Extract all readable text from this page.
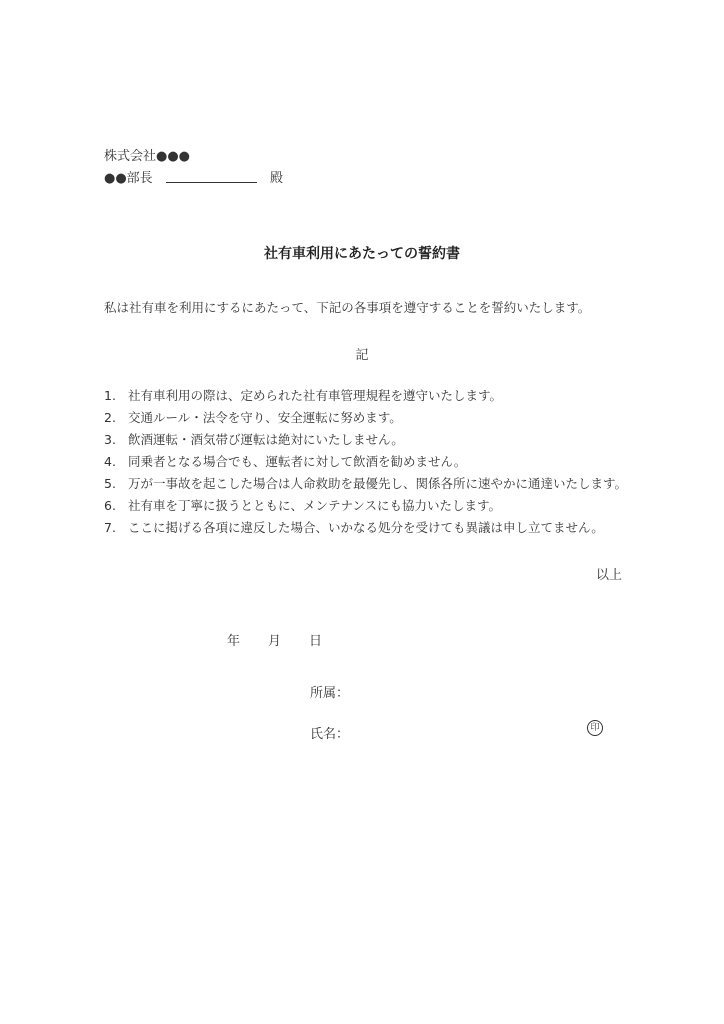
株式会社●●●
●●部長	殿
社有車利用にあたっての誓約書
私は社有車を利用にするにあたって、下記の各事項を遵守することを誓約いたします。
記
1. 社有車利用の際は、定められた社有車管理規程を遵守いたします。
2. 交通ルール・法令を守り、安全運転に努めます。
3. 飲酒運転・酒気帯び運転は絶対にいたしません。
4. 同乗者となる場合でも、運転者に対して飲酒を勧めません。
5. 万が一事故を起こした場合は人命救助を最優先し、関係各所に速やかに通達いたします。
6. 社有車を丁寧に扱うとともに、メンテナンスにも協力いたします。
7. ここに掲げる各項に違反した場合、いかなる処分を受けても異議は申し立てません。
以上
年 月 日
所属：
氏名：	印
